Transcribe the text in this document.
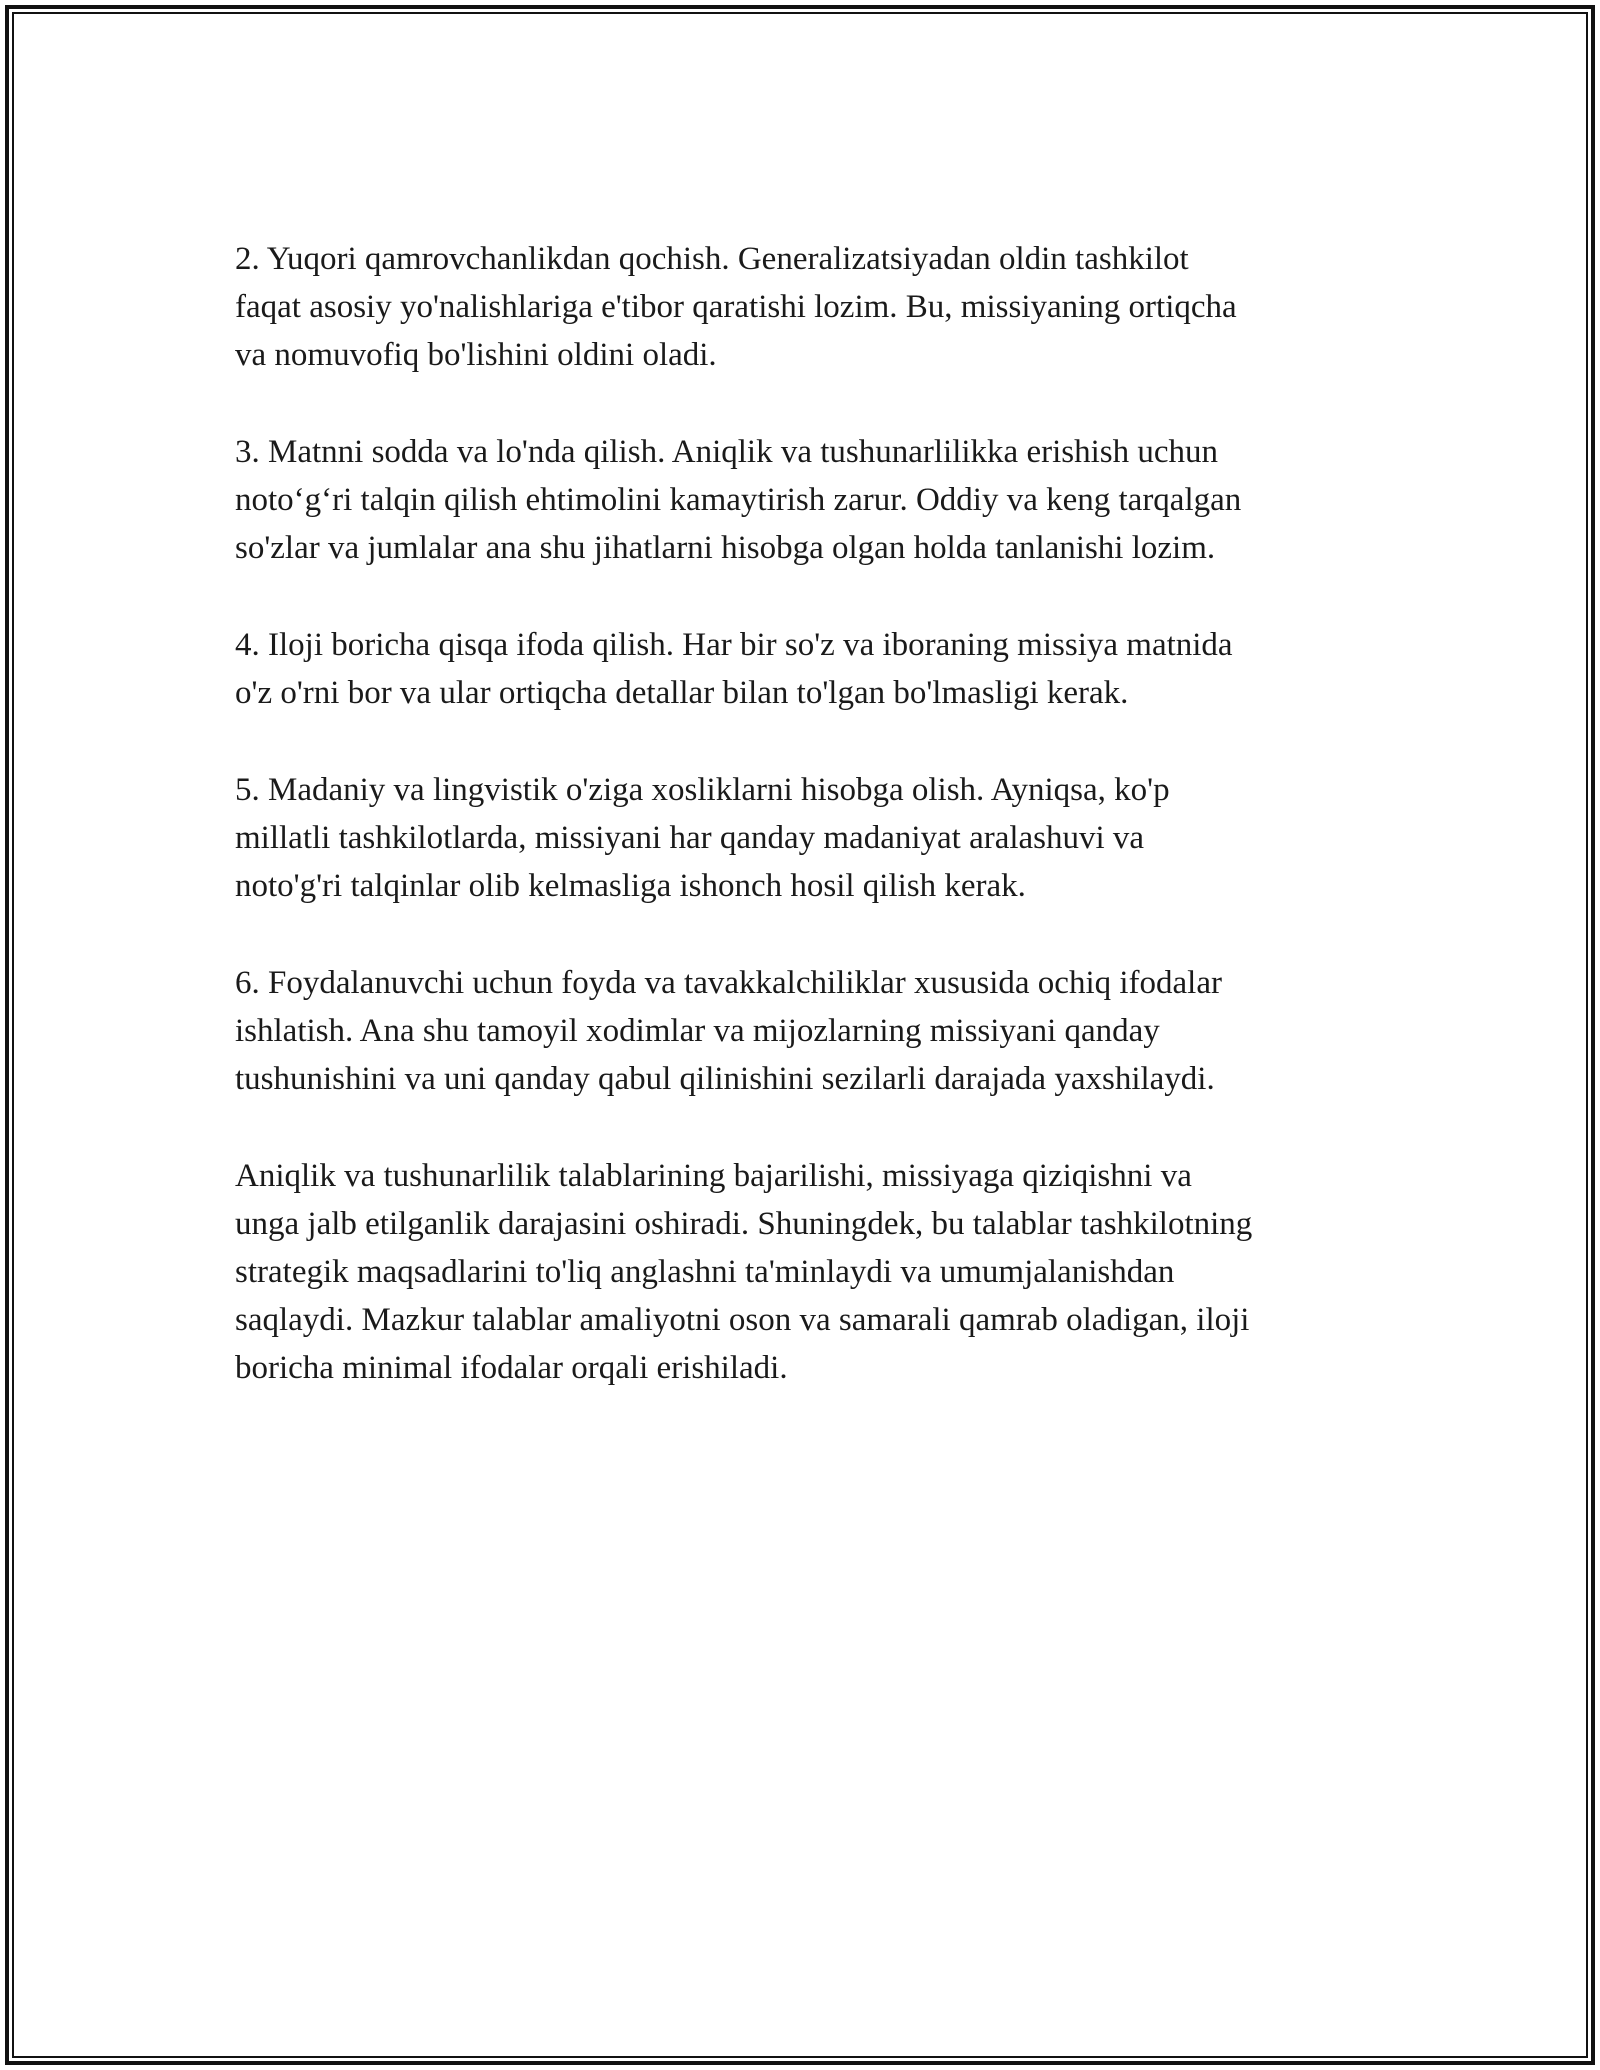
2. Yuqori qamrovchanlikdan qochish. Generalizatsiyadan oldin tashkilot
faqat asosiy yo'nalishlariga e'tibor qaratishi lozim. Bu, missiyaning ortiqcha
va nomuvofiq bo'lishini oldini oladi.

3. Matnni sodda va lo'nda qilish. Aniqlik va tushunarlilikka erishish uchun
noto‘g‘ri talqin qilish ehtimolini kamaytirish zarur. Oddiy va keng tarqalgan
so'zlar va jumlalar ana shu jihatlarni hisobga olgan holda tanlanishi lozim.

4. Iloji boricha qisqa ifoda qilish. Har bir so'z va iboraning missiya matnida
o'z o'rni bor va ular ortiqcha detallar bilan to'lgan bo'lmasligi kerak.

5. Madaniy va lingvistik o'ziga xosliklarni hisobga olish. Ayniqsa, ko'p
millatli tashkilotlarda, missiyani har qanday madaniyat aralashuvi va
noto'g'ri talqinlar olib kelmasliga ishonch hosil qilish kerak.

6. Foydalanuvchi uchun foyda va tavakkalchiliklar xususida ochiq ifodalar
ishlatish. Ana shu tamoyil xodimlar va mijozlarning missiyani qanday
tushunishini va uni qanday qabul qilinishini sezilarli darajada yaxshilaydi.

Aniqlik va tushunarlilik talablarining bajarilishi, missiyaga qiziqishni va
unga jalb etilganlik darajasini oshiradi. Shuningdek, bu talablar tashkilotning
strategik maqsadlarini to'liq anglashni ta'minlaydi va umumjalanishdan
saqlaydi. Mazkur talablar amaliyotni oson va samarali qamrab oladigan, iloji
boricha minimal ifodalar orqali erishiladi.
